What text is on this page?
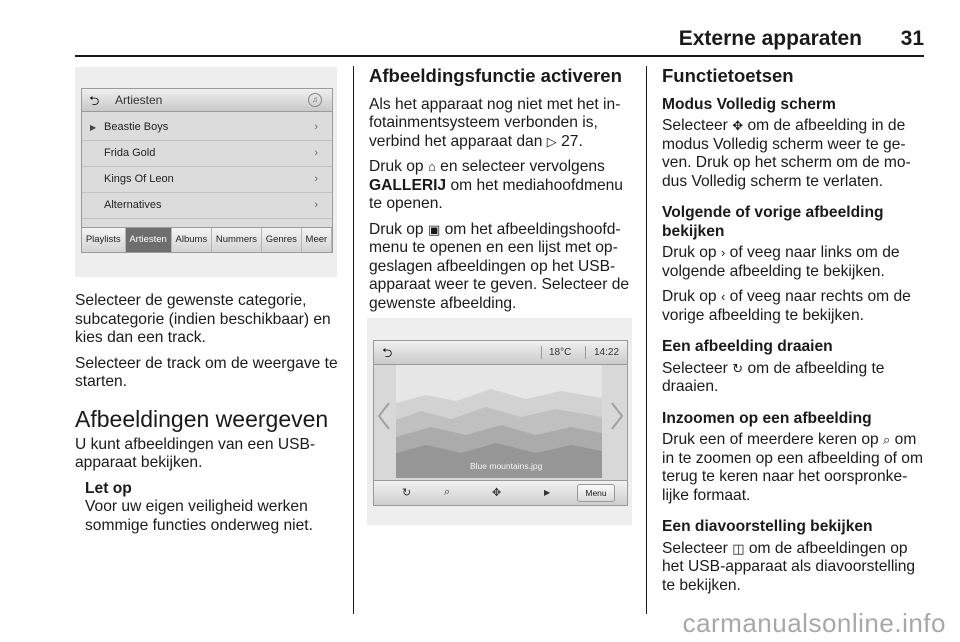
Externe apparaten 31
⮌ Artiesten	♫
▶ Beastie Boys	›
Frida Gold	›
Kings Of Leon	›
Alternatives	›
Playlists Artiesten Albums Nummers Genres Meer

Selecteer de gewenste categorie, subcategorie (indien beschikbaar) en kies dan een track.

Selecteer de track om de weergave te starten.

Afbeeldingen weergeven

U kunt afbeeldingen van een USB-apparaat bekijken.

Let op
Voor uw eigen veiligheid werken sommige functies onderweg niet.
Afbeeldingsfunctie activeren

Als het apparaat nog niet met het infotainmentsysteem verbonden is, verbind het apparaat dan ▷ 27.

Druk op ⌂ en selecteer vervolgens GALLERIJ om het mediahoofdmenu te openen.

Druk op ▣ om het afbeeldingshoofdmenu te openen en een lijst met opgeslagen afbeeldingen op het USB-apparaat weer te geven. Selecteer de gewenste afbeelding.

⮌	18°C 14:22
Blue mountains.jpg
↻	⌕	✥	▶	Menu
Functietoetsen
Modus Volledig scherm

Selecteer ✥ om de afbeelding in de modus Volledig scherm weer te geven. Druk op het scherm om de modus Volledig scherm te verlaten.

Volgende of vorige afbeelding bekijken

Druk op › of veeg naar links om de volgende afbeelding te bekijken.

Druk op ‹ of veeg naar rechts om de vorige afbeelding te bekijken.

Een afbeelding draaien

Selecteer ↻ om de afbeelding te draaien.

Inzoomen op een afbeelding

Druk een of meerdere keren op ⌕ om in te zoomen op een afbeelding of om terug te keren naar het oorspronkelijke formaat.

Een diavoorstelling bekijken

Selecteer ◫ om de afbeeldingen op het USB-apparaat als diavoorstelling te bekijken.

carmanualsonline.info
